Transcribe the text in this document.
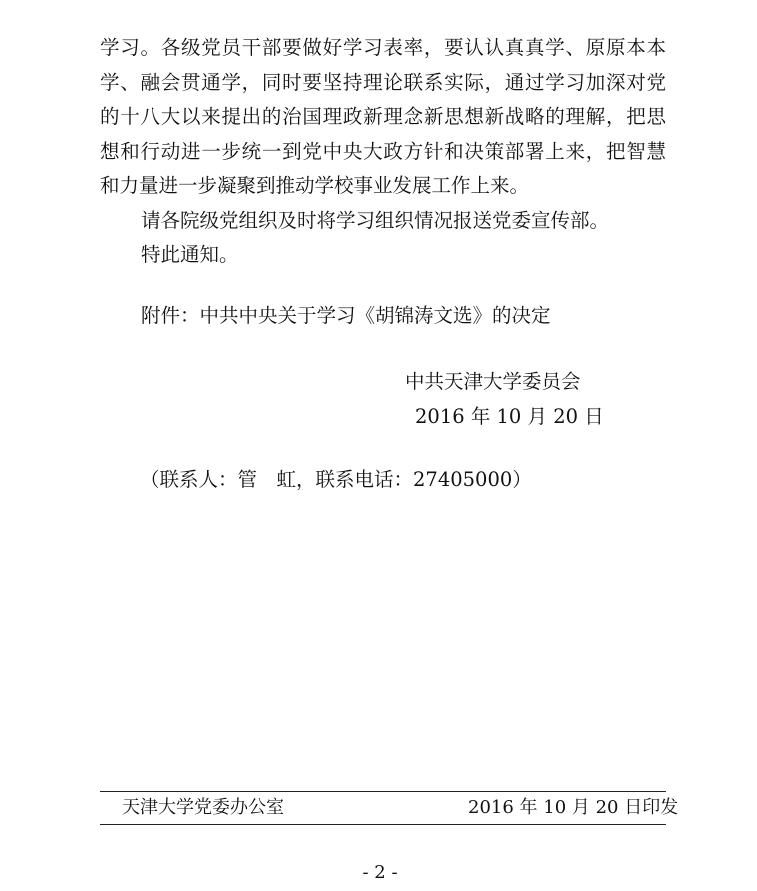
学习。各级党员干部要做好学习表率，要认认真真学、原原本本
学、融会贯通学，同时要坚持理论联系实际，通过学习加深对党
的十八大以来提出的治国理政新理念新思想新战略的理解，把思
想和行动进一步统一到党中央大政方针和决策部署上来，把智慧
和力量进一步凝聚到推动学校事业发展工作上来。
请各院级党组织及时将学习组织情况报送党委宣传部。
特此通知。
附件：中共中央关于学习《胡锦涛文选》的决定
中共天津大学委员会
2016 年 10 月 20 日
（联系人：管　虹，联系电话：27405000）
天津大学党委办公室	2016 年 10 月 20 日印发
- 2 -
